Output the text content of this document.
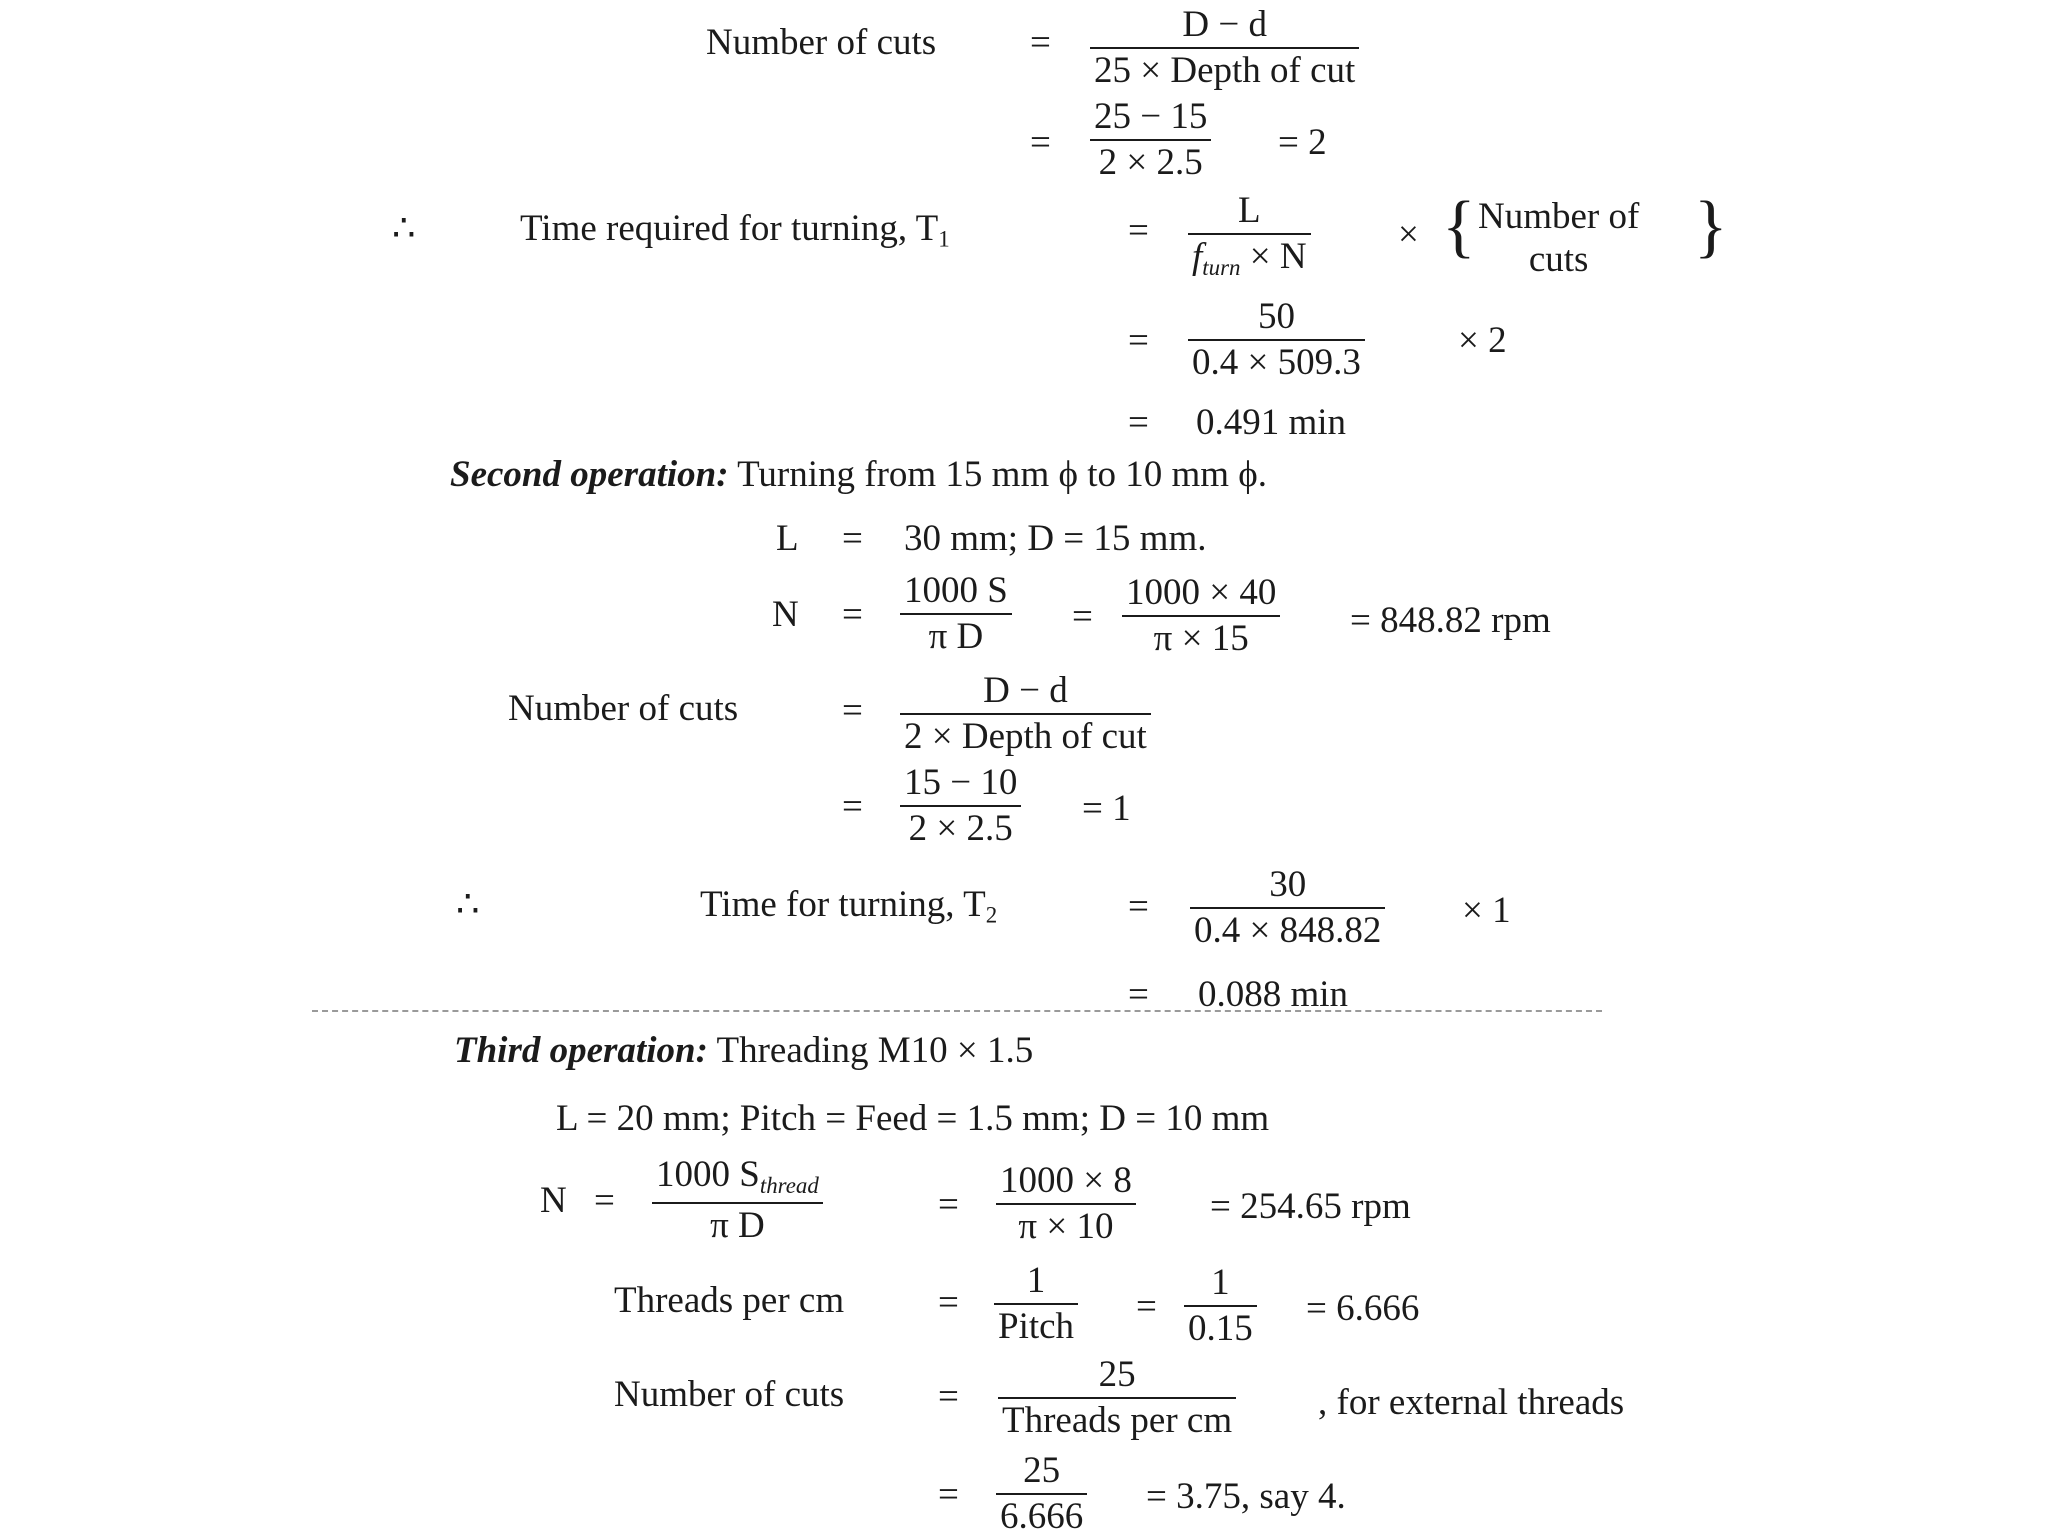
Number of cuts	=	D − d
25 × Depth of cut
=
25 − 15
2 × 2.5 = 2
∴	Time required for turning, $T_1$	= L
fturn × N
× { Number of
cuts	}
=
50
0.4 × 509.3
× 2
= 0.491 min
Second operation: Turning from 15 mm ϕ to 10 mm ϕ.
L = 30 mm; D = 15 mm.
N =
1000 S
π D =
1000 × 40
π × 15	= 848.82 rpm
Number of cuts	=	D − d
2 × Depth of cut
=
15 − 10
2 × 2.5 = 1
∴	Time for turning, $T_2$	=
30
0.4 × 848.82 × 1
= 0.088 min
Third operation: Threading M10 × 1.5
L = 20 mm; Pitch = Feed = 1.5 mm; D = 10 mm
N =
1000 Sthread
π D
=
1000 × 8
π × 10	= 254.65 rpm
Threads per cm	=
1
Pitch =
1
0.15 = 6.666
Number of cuts	=
25
Threads per cm , for external threads
=
25
6.666 = 3.75, say 4.
